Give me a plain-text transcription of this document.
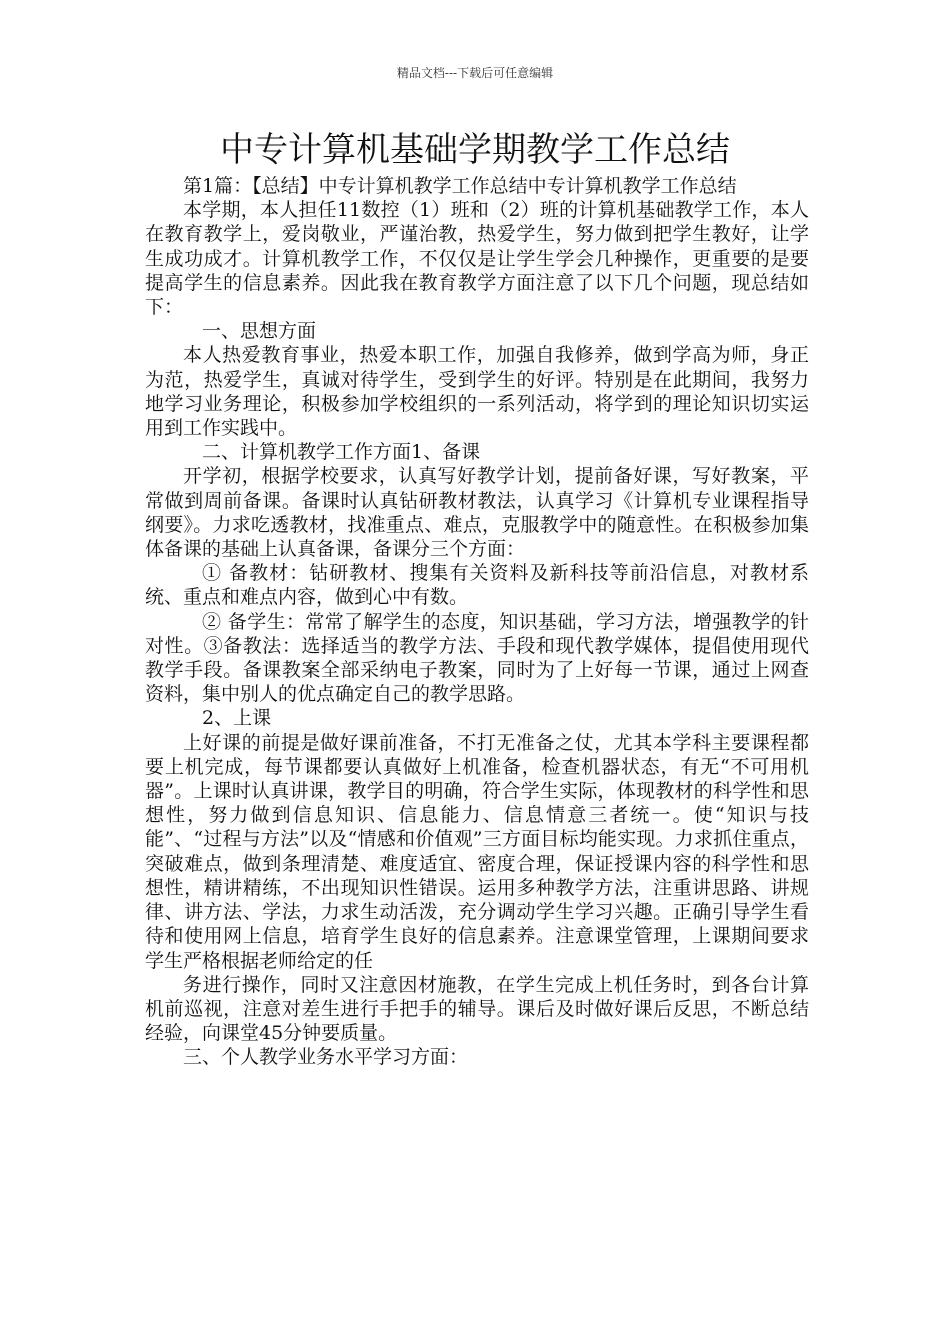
精品文档---下载后可任意编辑
中专计算机基础学期教学工作总结

第1篇：【总结】中专计算机教学工作总结中专计算机教学工作总结

本学期，本人担任11数控（1）班和（2）班的计算机基础教学工作，本人在教育教学上，爱岗敬业，严谨治教，热爱学生，努力做到把学生教好，让学生成功成才。计算机教学工作，不仅仅是让学生学会几种操作，更重要的是要提高学生的信息素养。因此我在教育教学方面注意了以下几个问题，现总结如下：

一、思想方面

本人热爱教育事业，热爱本职工作，加强自我修养，做到学高为师，身正为范，热爱学生，真诚对待学生，受到学生的好评。特别是在此期间，我努力地学习业务理论，积极参加学校组织的一系列活动，将学到的理论知识切实运用到工作实践中。

二、计算机教学工作方面1、备课

开学初，根据学校要求，认真写好教学计划，提前备好课，写好教案，平常做到周前备课。备课时认真钻研教材教法，认真学习《计算机专业课程指导纲要》。力求吃透教材，找准重点、难点，克服教学中的随意性。在积极参加集体备课的基础上认真备课，备课分三个方面：

① 备教材：钻研教材、搜集有关资料及新科技等前沿信息，对教材系统、重点和难点内容，做到心中有数。

② 备学生：常常了解学生的态度，知识基础，学习方法，增强教学的针对性。③备教法：选择适当的教学方法、手段和现代教学媒体，提倡使用现代教学手段。备课教案全部采纳电子教案，同时为了上好每一节课，通过上网查资料，集中别人的优点确定自己的教学思路。

2、上课

上好课的前提是做好课前准备，不打无准备之仗，尤其本学科主要课程都要上机完成，每节课都要认真做好上机准备，检查机器状态，有无“不可用机器”。上课时认真讲课，教学目的明确，符合学生实际，体现教材的科学性和思想性，努力做到信息知识、信息能力、信息情意三者统一。使“知识与技能”、“过程与方法”以及“情感和价值观”三方面目标均能实现。力求抓住重点，突破难点，做到条理清楚、难度适宜、密度合理，保证授课内容的科学性和思想性，精讲精练，不出现知识性错误。运用多种教学方法，注重讲思路、讲规律、讲方法、学法，力求生动活泼，充分调动学生学习兴趣。正确引导学生看待和使用网上信息，培育学生良好的信息素养。注意课堂管理，上课期间要求学生严格根据老师给定的任

务进行操作，同时又注意因材施教，在学生完成上机任务时，到各台计算机前巡视，注意对差生进行手把手的辅导。课后及时做好课后反思，不断总结经验，向课堂45分钟要质量。

三、个人教学业务水平学习方面：
